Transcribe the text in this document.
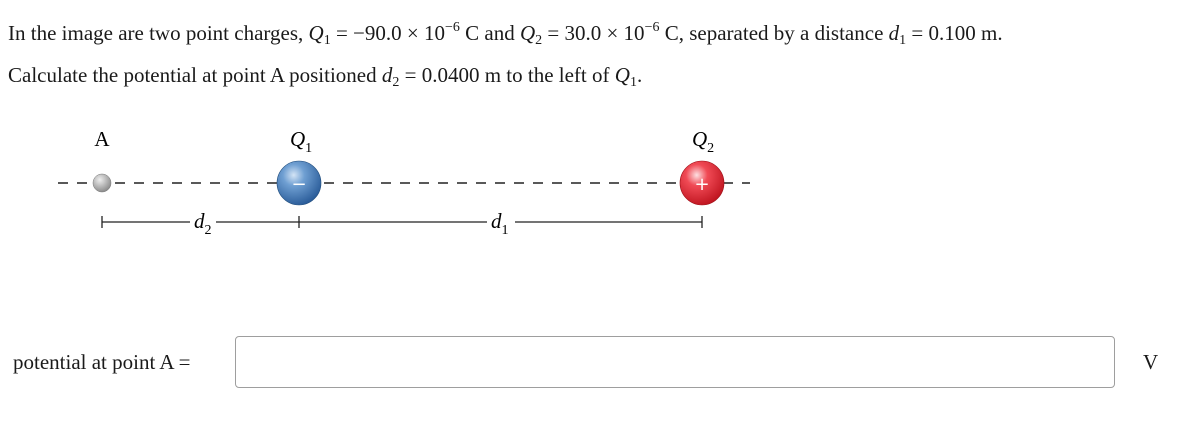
In the image are two point charges, $Q_1 = -90.0 \times 10^{-6}$ C and $Q_2 = 30.0 \times 10^{-6}$ C, separated by a distance $d_1 = 0.100$ m.
Calculate the potential at point A positioned $d_2 = 0.0400$ m to the left of $Q_1$.
A	$Q_1$
−
$Q_2$
+
$d_2$	$d_1$
potential at point A =	V
